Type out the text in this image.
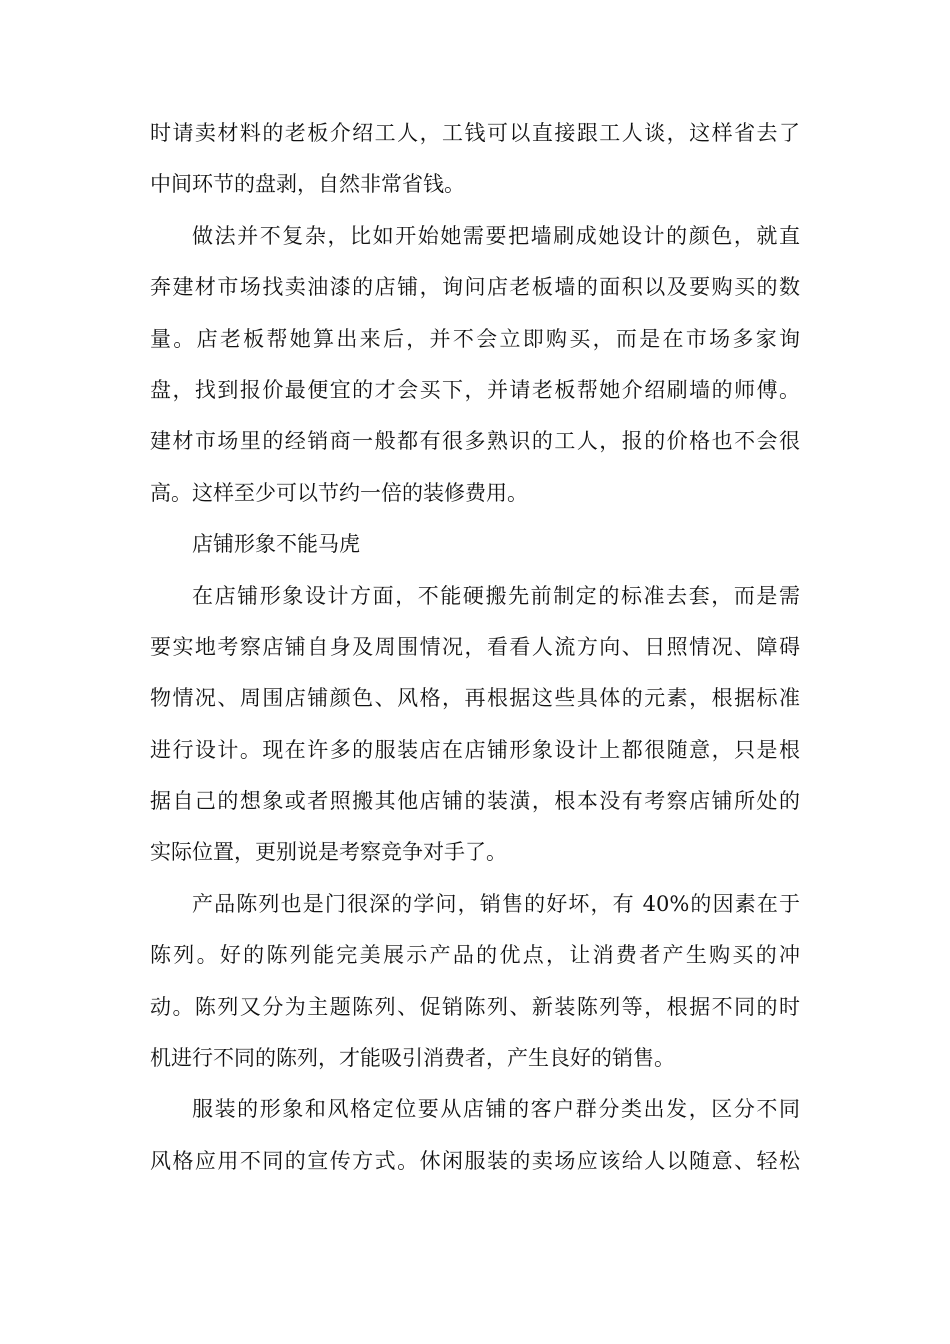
时请卖材料的老板介绍工人，工钱可以直接跟工人谈，这样省去了
中间环节的盘剥，自然非常省钱。
做法并不复杂，比如开始她需要把墙刷成她设计的颜色，就直
奔建材市场找卖油漆的店铺，询问店老板墙的面积以及要购买的数
量。店老板帮她算出来后，并不会立即购买，而是在市场多家询
盘，找到报价最便宜的才会买下，并请老板帮她介绍刷墙的师傅。
建材市场里的经销商一般都有很多熟识的工人，报的价格也不会很
高。这样至少可以节约一倍的装修费用。
店铺形象不能马虎
在店铺形象设计方面，不能硬搬先前制定的标准去套，而是需
要实地考察店铺自身及周围情况，看看人流方向、日照情况、障碍
物情况、周围店铺颜色、风格，再根据这些具体的元素，根据标准
进行设计。现在许多的服装店在店铺形象设计上都很随意，只是根
据自己的想象或者照搬其他店铺的装潢，根本没有考察店铺所处的
实际位置，更别说是考察竞争对手了。
产品陈列也是门很深的学问，销售的好坏，有 40%的因素在于
陈列。好的陈列能完美展示产品的优点，让消费者产生购买的冲
动。陈列又分为主题陈列、促销陈列、新装陈列等，根据不同的时
机进行不同的陈列，才能吸引消费者，产生良好的销售。
服装的形象和风格定位要从店铺的客户群分类出发，区分不同
风格应用不同的宣传方式。休闲服装的卖场应该给人以随意、轻松
